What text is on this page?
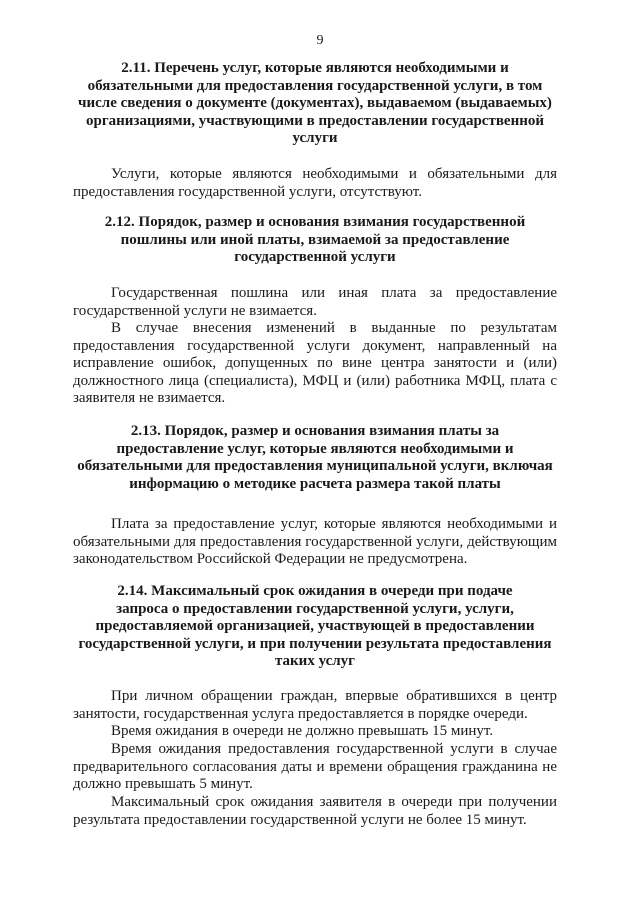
9
2.11. Перечень услуг, которые являются необходимыми и
обязательными для предоставления государственной услуги, в том
числе сведения о документе (документах), выдаваемом (выдаваемых)
организациями, участвующими в предоставлении государственной
услуги
Услуги, которые являются необходимыми и обязательными для
предоставления государственной услуги, отсутствуют.
2.12. Порядок, размер и основания взимания государственной
пошлины или иной платы, взимаемой за предоставление
государственной услуги
Государственная пошлина или иная плата за предоставление
государственной услуги не взимается.
В случае внесения изменений в выданные по результатам
предоставления государственной услуги документ, направленный на
исправление ошибок, допущенных по вине центра занятости и (или)
должностного лица (специалиста), МФЦ и (или) работника МФЦ, плата с
заявителя не взимается.
2.13. Порядок, размер и основания взимания платы за
предоставление услуг, которые являются необходимыми и
обязательными для предоставления муниципальной услуги, включая
информацию о методике расчета размера такой платы
Плата за предоставление услуг, которые являются необходимыми и
обязательными для предоставления государственной услуги, действующим
законодательством Российской Федерации не предусмотрена.
2.14. Максимальный срок ожидания в очереди при подаче
запроса о предоставлении государственной услуги, услуги,
предоставляемой организацией, участвующей в предоставлении
государственной услуги, и при получении результата предоставления
таких услуг
При личном обращении граждан, впервые обратившихся в центр
занятости, государственная услуга предоставляется в порядке очереди.
Время ожидания в очереди не должно превышать 15 минут.
Время ожидания предоставления государственной услуги в случае
предварительного согласования даты и времени обращения гражданина не
должно превышать 5 минут.
Максимальный срок ожидания заявителя в очереди при получении
результата предоставлении государственной услуги не более 15 минут.
